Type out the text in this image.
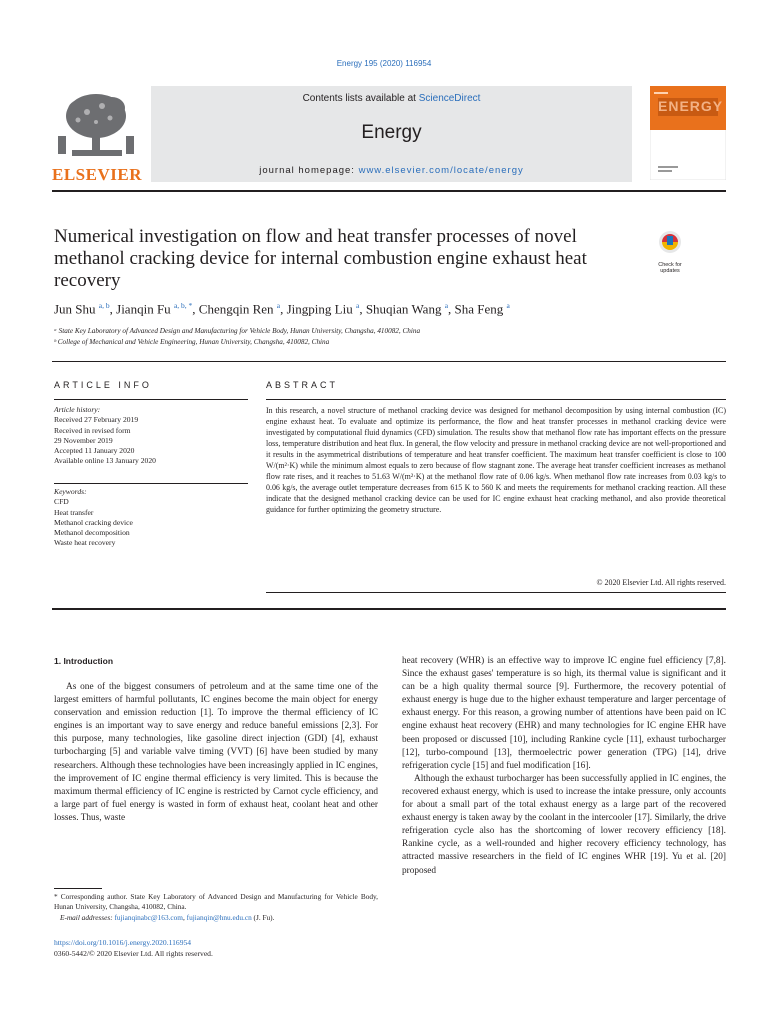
Energy 195 (2020) 116954
ELSEVIER
Contents lists available at ScienceDirect
Energy
journal homepage: www.elsevier.com/locate/energy
ENERGY
Numerical investigation on flow and heat transfer processes of novel methanol cracking device for internal combustion engine exhaust heat recovery
Check for updates
Jun Shu $^{a, b}$, Jianqin Fu $^{a, b, *}$, Chengqin Ren $^a$, Jingping Liu $^a$, Shuqian Wang $^a$, Sha Feng $^a$
ᵃ State Key Laboratory of Advanced Design and Manufacturing for Vehicle Body, Hunan University, Changsha, 410082, China
ᵇ College of Mechanical and Vehicle Engineering, Hunan University, Changsha, 410082, China
ARTICLE INFO	ABSTRACT
Article history:
Received 27 February 2019
Received in revised form
29 November 2019
Accepted 11 January 2020
Available online 13 January 2020
Keywords:
CFD
Heat transfer
Methanol cracking device
Methanol decomposition
Waste heat recovery
In this research, a novel structure of methanol cracking device was designed for methanol decomposition by using internal combustion (IC) engine exhaust heat. To evaluate and optimize its performance, the flow and heat transfer processes in methanol cracking device were investigated by computational fluid dynamics (CFD) simulation. The results show that methanol flow rate has important effects on the pressure loss, temperature distribution and heat flux. In general, the flow velocity and pressure in methanol cracking device are not well-proportioned and it results in the asymmetrical distributions of temperature and heat transfer coefficient. The maximum heat transfer coefficient is close to 100 W/(m²·K) while the minimum almost equals to zero because of flow stagnant zone. The average heat transfer coefficient increases as methanol flow rate rises, and it reaches to 51.63 W/(m²·K) at the methanol flow rate of 0.06 kg/s. When methanol flow rate increases from 0.03 kg/s to 0.06 kg/s, the average outlet temperature decreases from 615 K to 560 K and meets the requirements for methanol cracking reaction. All these indicate that the designed methanol cracking device can be used for IC engine exhaust heat cracking methanol, and also provide theoretical guidance for further optimizing the geometry structure.
© 2020 Elsevier Ltd. All rights reserved.
1. Introduction
As one of the biggest consumers of petroleum and at the same time one of the largest emitters of harmful pollutants, IC engines become the main object for energy conservation and emission reduction [1]. To improve the thermal efficiency of IC engines is an important way to save energy and reduce baneful emissions [2,3]. For this purpose, many technologies, like gasoline direct injection (GDI) [4], exhaust turbocharging [5] and variable valve timing (VVT) [6] have been studied by many researchers. Although these technologies have been increasingly applied in IC engines, the improvement of IC engine thermal efficiency is very limited. This is because the maximum thermal efficiency of IC engine is restricted by Carnot cycle efficiency, and a large part of fuel energy is wasted in form of exhaust heat, coolant heat and other losses. Thus, waste

heat recovery (WHR) is an effective way to improve IC engine fuel efficiency [7,8]. Since the exhaust gases' temperature is so high, its thermal value is significant and it can be a high quality thermal source [9]. Furthermore, the recovery potential of exhaust energy is huge due to the higher exhaust temperature and larger percentage of exhaust energy. For this reason, a growing number of attentions have been paid on IC engine exhaust heat recovery (EHR) and many technologies for IC engine EHR have been proposed or discussed [10], including Rankine cycle [11], exhaust turbocharger [12], turbo-compound [13], thermoelectric power generation (TPG) [14], drive refrigeration cycle [15] and fuel modification [16].

Although the exhaust turbocharger has been successfully applied in IC engines, the recovered exhaust energy, which is used to increase the intake pressure, only accounts for about a small part of the total exhaust energy as a large part of the recovered exhaust energy is taken away by the coolant in the intercooler [17]. Similarly, the drive refrigeration cycle also has the shortcoming of lower recovery efficiency [18]. Rankine cycle, as a well-rounded and higher recovery efficiency technology, has attracted massive researchers in the field of IC engines WHR [19]. Yu et al. [20] proposed

* Corresponding author. State Key Laboratory of Advanced Design and Manufacturing for Vehicle Body, Hunan University, Changsha, 410082, China.
E-mail addresses: fujianqinabc@163.com, fujianqin@hnu.edu.cn (J. Fu).
https://doi.org/10.1016/j.energy.2020.116954
0360-5442/© 2020 Elsevier Ltd. All rights reserved.
